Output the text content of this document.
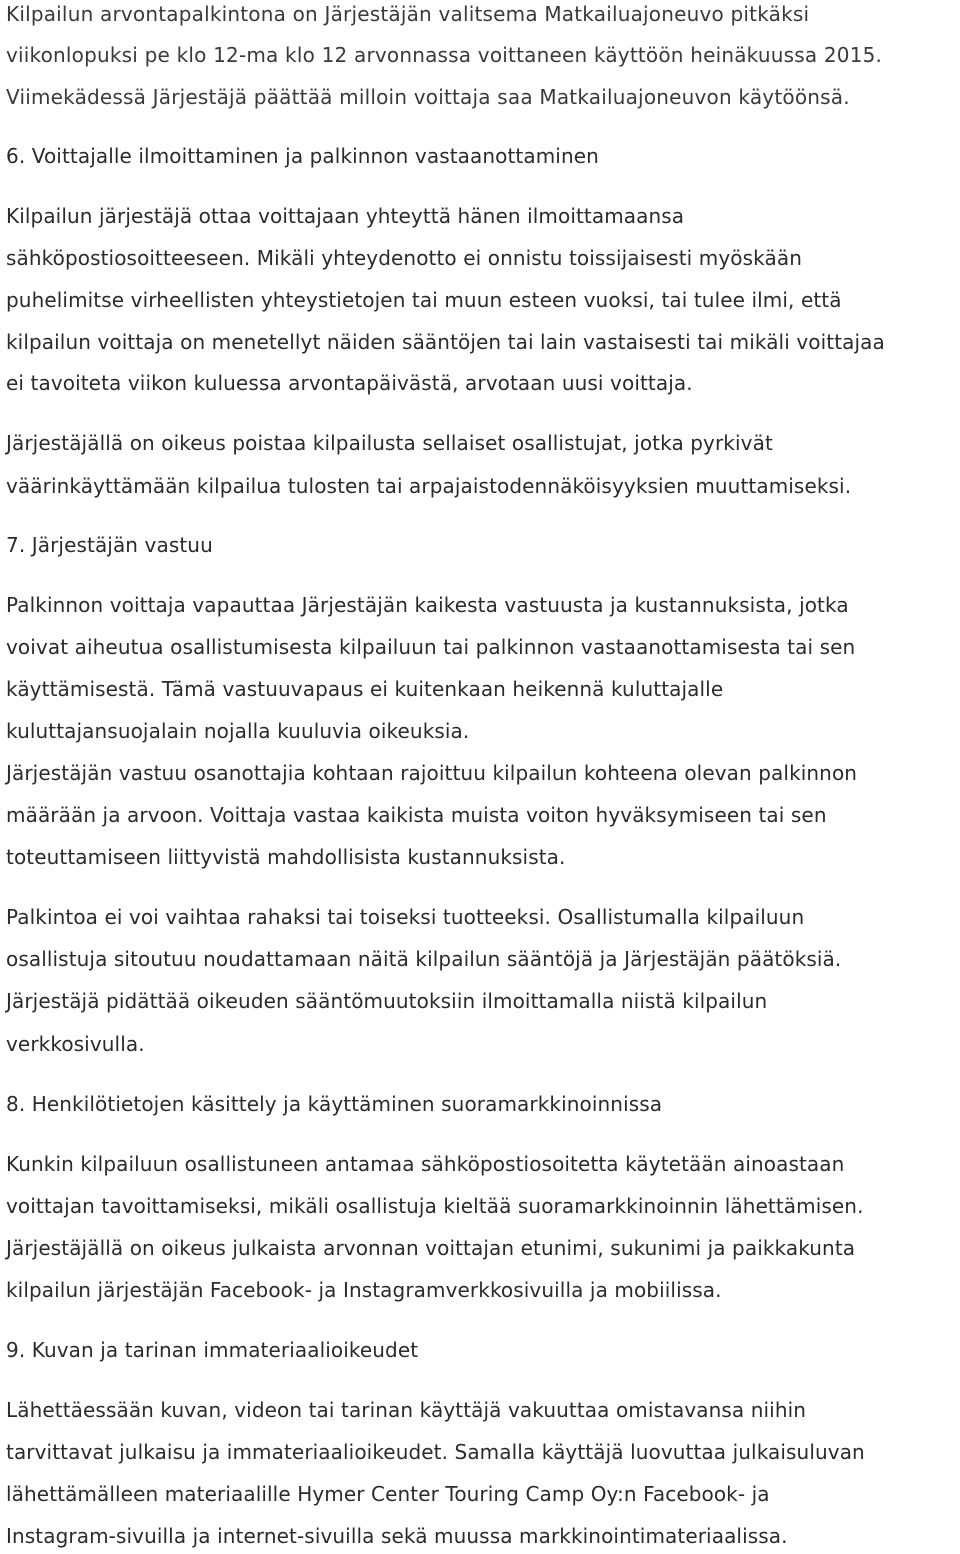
Kilpailun arvontapalkintona on Järjestäjän valitsema Matkailuajoneuvo pitkäksi
viikonlopuksi pe klo 12-ma klo 12 arvonnassa voittaneen käyttöön heinäkuussa 2015.
Viimekädessä Järjestäjä päättää milloin voittaja saa Matkailuajoneuvon käytöönsä.
6. Voittajalle ilmoittaminen ja palkinnon vastaanottaminen
Kilpailun järjestäjä ottaa voittajaan yhteyttä hänen ilmoittamaansa
sähköpostiosoitteeseen. Mikäli yhteydenotto ei onnistu toissijaisesti myöskään
puhelimitse virheellisten yhteystietojen tai muun esteen vuoksi, tai tulee ilmi, että
kilpailun voittaja on menetellyt näiden sääntöjen tai lain vastaisesti tai mikäli voittajaa
ei tavoiteta viikon kuluessa arvontapäivästä, arvotaan uusi voittaja.
Järjestäjällä on oikeus poistaa kilpailusta sellaiset osallistujat, jotka pyrkivät
väärinkäyttämään kilpailua tulosten tai arpajaistodennäköisyyksien muuttamiseksi.
7. Järjestäjän vastuu
Palkinnon voittaja vapauttaa Järjestäjän kaikesta vastuusta ja kustannuksista, jotka
voivat aiheutua osallistumisesta kilpailuun tai palkinnon vastaanottamisesta tai sen
käyttämisestä. Tämä vastuuvapaus ei kuitenkaan heikennä kuluttajalle
kuluttajansuojalain nojalla kuuluvia oikeuksia.
Järjestäjän vastuu osanottajia kohtaan rajoittuu kilpailun kohteena olevan palkinnon
määrään ja arvoon. Voittaja vastaa kaikista muista voiton hyväksymiseen tai sen
toteuttamiseen liittyvistä mahdollisista kustannuksista.
Palkintoa ei voi vaihtaa rahaksi tai toiseksi tuotteeksi. Osallistumalla kilpailuun
osallistuja sitoutuu noudattamaan näitä kilpailun sääntöjä ja Järjestäjän päätöksiä.
Järjestäjä pidättää oikeuden sääntömuutoksiin ilmoittamalla niistä kilpailun
verkkosivulla.
8. Henkilötietojen käsittely ja käyttäminen suoramarkkinoinnissa
Kunkin kilpailuun osallistuneen antamaa sähköpostiosoitetta käytetään ainoastaan
voittajan tavoittamiseksi, mikäli osallistuja kieltää suoramarkkinoinnin lähettämisen.
Järjestäjällä on oikeus julkaista arvonnan voittajan etunimi, sukunimi ja paikkakunta
kilpailun järjestäjän Facebook- ja Instagramverkkosivuilla ja mobiilissa.
9. Kuvan ja tarinan immateriaalioikeudet
Lähettäessään kuvan, videon tai tarinan käyttäjä vakuuttaa omistavansa niihin
tarvittavat julkaisu ja immateriaalioikeudet. Samalla käyttäjä luovuttaa julkaisuluvan
lähettämälleen materiaalille Hymer Center Touring Camp Oy:n Facebook- ja
Instagram-sivuilla ja internet-sivuilla sekä muussa markkinointimateriaalissa.
